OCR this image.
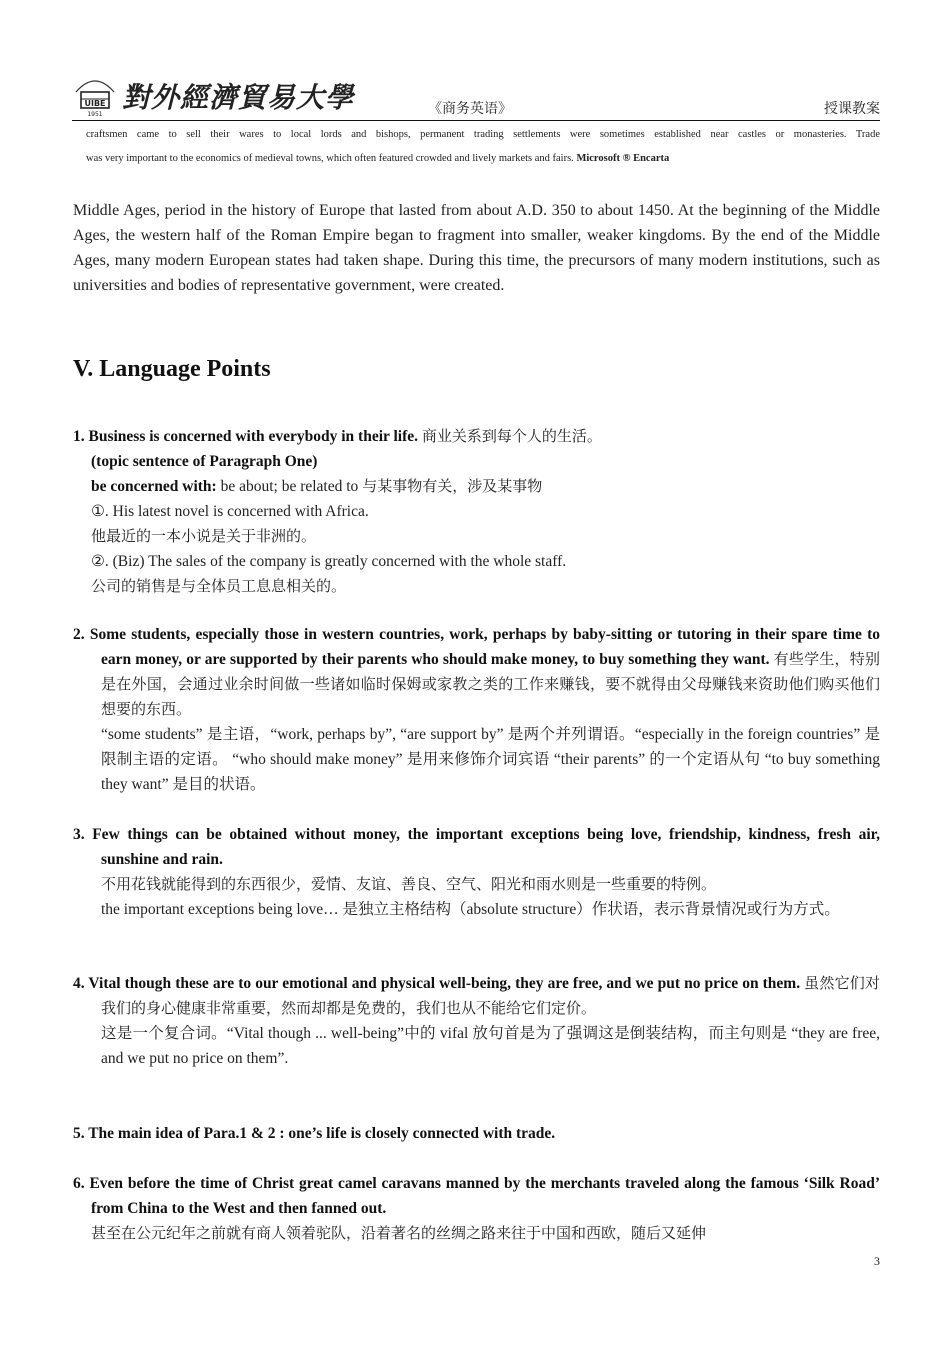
UIBE
1951
對外經濟貿易大學	《商务英语》	授课教案
craftsmen came to sell their wares to local lords and bishops, permanent trading settlements were sometimes established near castles or monasteries. Trade
was very important to the economics of medieval towns, which often featured crowded and lively markets and fairs. Microsoft ® Encarta
Middle Ages, period in the history of Europe that lasted from about A.D. 350 to about 1450. At the beginning of the Middle Ages, the western half of the Roman Empire began to fragment into smaller, weaker kingdoms. By the end of the Middle Ages, many modern European states had taken shape. During this time, the precursors of many modern institutions, such as universities and bodies of representative government, were created.
V. Language Points

1. Business is concerned with everybody in their life. 商业关系到每个人的生活。

(topic sentence of Paragraph One)

be concerned with: be about; be related to 与某事物有关，涉及某事物

①. His latest novel is concerned with Africa.

他最近的一本小说是关于非洲的。

②. (Biz) The sales of the company is greatly concerned with the whole staff.

公司的销售是与全体员工息息相关的。

2. Some students, especially those in western countries, work, perhaps by baby-sitting or tutoring in their spare time to earn money, or are supported by their parents who should make money, to buy something they want. 有些学生，特别是在外国，会通过业余时间做一些诸如临时保姆或家教之类的工作来赚钱，要不就得由父母赚钱来资助他们购买他们想要的东西。

“some students” 是主语，“work, perhaps by”, “are support by” 是两个并列谓语。“especially in the foreign countries” 是限制主语的定语。 “who should make money” 是用来修饰介词宾语 “their parents” 的一个定语从句 “to buy something they want” 是目的状语。

3. Few things can be obtained without money, the important exceptions being love, friendship, kindness, fresh air, sunshine and rain.

不用花钱就能得到的东西很少，爱情、友谊、善良、空气、阳光和雨水则是一些重要的特例。

the important exceptions being love… 是独立主格结构（absolute structure）作状语，表示背景情况或行为方式。

4. Vital though these are to our emotional and physical well-being, they are free, and we put no price on them. 虽然它们对我们的身心健康非常重要，然而却都是免费的，我们也从不能给它们定价。

这是一个复合词。“Vital though ... well-being”中的 vifal 放句首是为了强调这是倒装结构，而主句则是 “they are free, and we put no price on them”.

5. The main idea of Para.1 & 2 : one’s life is closely connected with trade.

6. Even before the time of Christ great camel caravans manned by the merchants traveled along the famous ‘Silk Road’ from China to the West and then fanned out.

甚至在公元纪年之前就有商人领着驼队，沿着著名的丝绸之路来往于中国和西欧，随后又延伸

3
